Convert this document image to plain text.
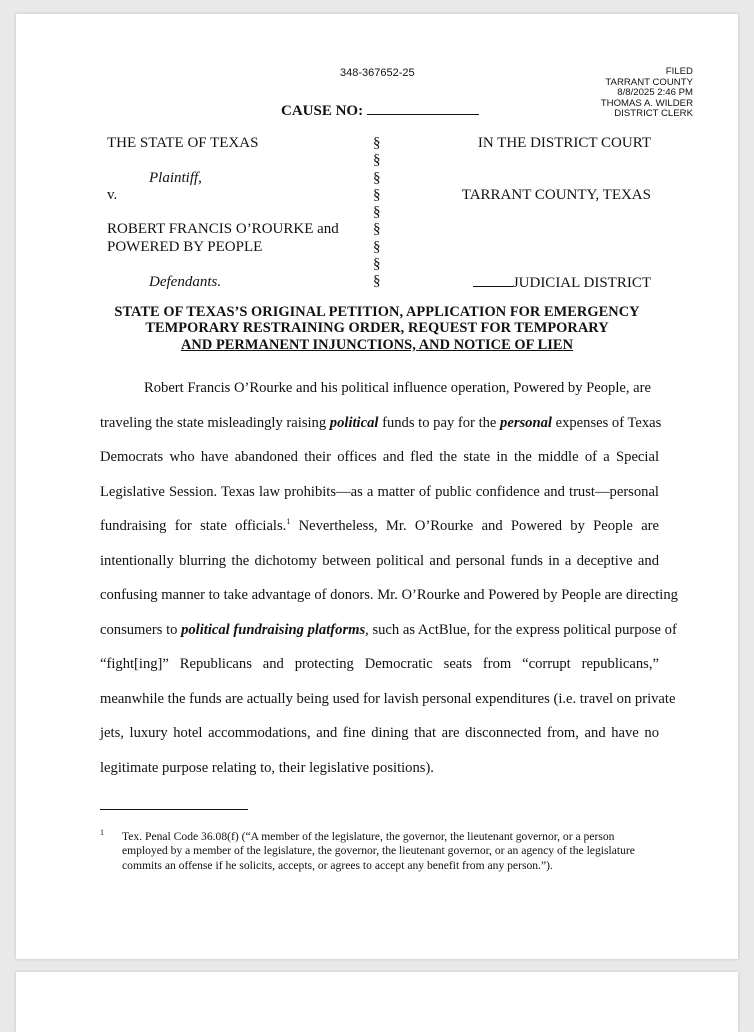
348-367652-25	FILED
TARRANT COUNTY
8/8/2025 2:46 PM
THOMAS A. WILDER
DISTRICT CLERK
CAUSE NO:
THE STATE OF TEXAS
Plaintiff,
v.
ROBERT FRANCIS O’ROURKE and
POWERED BY PEOPLE
Defendants.
§
§
§
§
§
§
§
§
§
IN THE DISTRICT COURT
TARRANT COUNTY, TEXAS
JUDICIAL DISTRICT
STATE OF TEXAS’S ORIGINAL PETITION, APPLICATION FOR EMERGENCY
TEMPORARY RESTRAINING ORDER, REQUEST FOR TEMPORARY
AND PERMANENT INJUNCTIONS, AND NOTICE OF LIEN
Robert Francis O’Rourke and his political influence operation, Powered by People, are
traveling the state misleadingly raising political funds to pay for the personal expenses of Texas
Democrats who have abandoned their offices and fled the state in the middle of a Special
Legislative Session. Texas law prohibits—as a matter of public confidence and trust—personal
fundraising for state officials.$^1$ Nevertheless, Mr. O’Rourke and Powered by People are
intentionally blurring the dichotomy between political and personal funds in a deceptive and
confusing manner to take advantage of donors. Mr. O’Rourke and Powered by People are directing
consumers to political fundraising platforms, such as ActBlue, for the express political purpose of
“fight[ing]” Republicans and protecting Democratic seats from “corrupt republicans,”
meanwhile the funds are actually being used for lavish personal expenditures (i.e. travel on private
jets, luxury hotel accommodations, and fine dining that are disconnected from, and have no
legitimate purpose relating to, their legislative positions).
1 Tex. Penal Code 36.08(f) (“A member of the legislature, the governor, the lieutenant governor, or a person
employed by a member of the legislature, the governor, the lieutenant governor, or an agency of the legislature
commits an offense if he solicits, accepts, or agrees to accept any benefit from any person.”).
